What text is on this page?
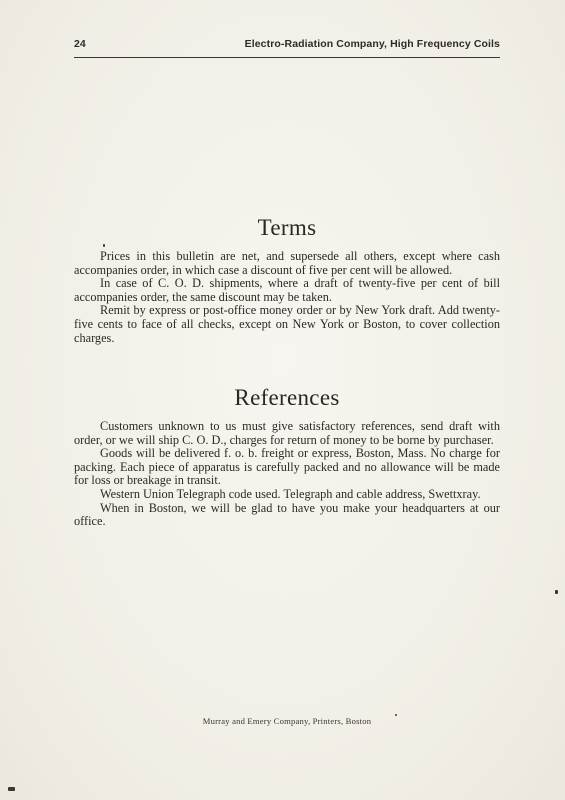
24	Electro-Radiation Company, High Frequency Coils
Terms

Prices in this bulletin are net, and supersede all others, except where cash accompanies order, in which case a discount of five per cent will be allowed.

In case of C. O. D. shipments, where a draft of twenty-five per cent of bill accompanies order, the same discount may be taken.

Remit by express or post-office money order or by New York draft. Add twenty-five cents to face of all checks, except on New York or Boston, to cover collection charges.

References

Customers unknown to us must give satisfactory references, send draft with order, or we will ship C. O. D., charges for return of money to be borne by purchaser.

Goods will be delivered f. o. b. freight or express, Boston, Mass. No charge for packing. Each piece of apparatus is carefully packed and no allowance will be made for loss or breakage in transit.

Western Union Telegraph code used. Telegraph and cable address, Swettxray.

When in Boston, we will be glad to have you make your headquarters at our office.

Murray and Emery Company, Printers, Boston
